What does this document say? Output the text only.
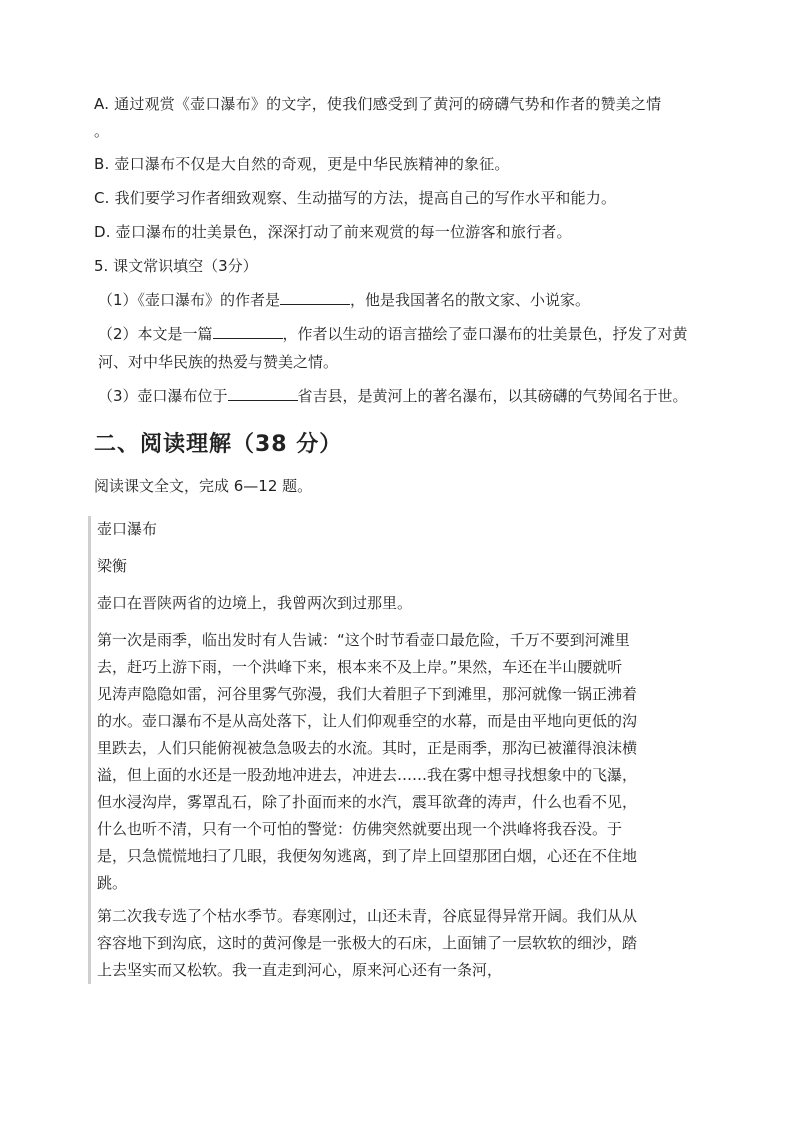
A. 通过观赏《壶口瀑布》的文字，使我们感受到了黄河的磅礴气势和作者的赞美之情

。

B. 壶口瀑布不仅是大自然的奇观，更是中华民族精神的象征。

C. 我们要学习作者细致观察、生动描写的方法，提高自己的写作水平和能力。

D. 壶口瀑布的壮美景色，深深打动了前来观赏的每一位游客和旅行者。

5. 课文常识填空（3分）

（1）《壶口瀑布》的作者是	，他是我国著名的散文家、小说家。

（2）本文是一篇	，作者以生动的语言描绘了壶口瀑布的壮美景色，抒发了对黄河、对中华民族的热爱与赞美之情。

（3）壶口瀑布位于	省吉县，是黄河上的著名瀑布，以其磅礴的气势闻名于世。

二、阅读理解（38 分）

阅读课文全文，完成 6—12 题。

壶口瀑布

梁衡

壶口在晋陕两省的边境上，我曾两次到过那里。

第一次是雨季，临出发时有人告诫：“这个时节看壶口最危险，千万不要到河滩里去，赶巧上游下雨，一个洪峰下来，根本来不及上岸。”果然，车还在半山腰就听见涛声隐隐如雷，河谷里雾气弥漫，我们大着胆子下到滩里，那河就像一锅正沸着的水。壶口瀑布不是从高处落下，让人们仰观垂空的水幕，而是由平地向更低的沟里跌去，人们只能俯视被急急吸去的水流。其时，正是雨季，那沟已被灌得浪沫横溢，但上面的水还是一股劲地冲进去，冲进去……我在雾中想寻找想象中的飞瀑，但水浸沟岸，雾罩乱石，除了扑面而来的水汽，震耳欲聋的涛声，什么也看不见，什么也听不清，只有一个可怕的警觉：仿佛突然就要出现一个洪峰将我吞没。于是，只急慌慌地扫了几眼，我便匆匆逃离，到了岸上回望那团白烟，心还在不住地跳。

第二次我专选了个枯水季节。春寒刚过，山还未青，谷底显得异常开阔。我们从从容容地下到沟底，这时的黄河像是一张极大的石床，上面铺了一层软软的细沙，踏上去坚实而又松软。我一直走到河心，原来河心还有一条河，
